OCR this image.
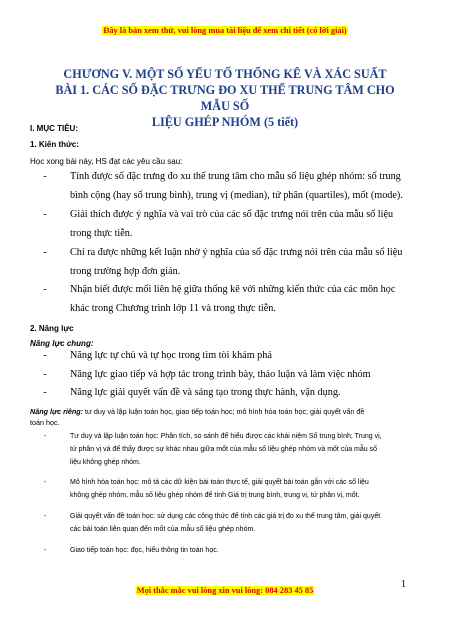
Đây là bản xem thử, vui lòng mua tài liệu để xem chi tiết (có lời giải)
CHƯƠNG V. MỘT SỐ YẾU TỐ THỐNG KÊ VÀ XÁC SUẤT
BÀI 1. CÁC SỐ ĐẶC TRƯNG ĐO XU THẾ TRUNG TÂM CHO MẪU SỐ
LIỆU GHÉP NHÓM (5 tiết)
I. MỤC TIÊU:
1. Kiến thức:
Học xong bài này, HS đạt các yêu cầu sau:
-	Tính được số đặc trưng đo xu thế trung tâm cho mẫu số liệu ghép nhóm: số trung
bình cộng (hay số trung bình), trung vị (median), tứ phân (quartiles), mốt (mode).
-	Giải thích được ý nghĩa và vai trò của các số đặc trưng nói trên của mẫu số liệu
trong thực tiễn.
-	Chỉ ra được những kết luận nhờ ý nghĩa của số đặc trưng nói trên của mẫu số liệu
trong trường hợp đơn giản.
-	Nhận biết được mối liên hệ giữa thống kê với những kiến thức của các môn học
khác trong Chương trình lớp 11 và trong thực tiễn.
2. Năng lực
Năng lực chung:
-	Năng lực tự chủ và tự học trong tìm tòi khám phá
-	Năng lực giao tiếp và hợp tác trong trình bày, thảo luận và làm việc nhóm
-	Năng lực giải quyết vấn đề và sáng tạo trong thực hành, vận dụng.
Năng lực riêng: tư duy và lập luận toán học, giao tiếp toán học; mô hình hóa toán học; giải quyết vấn đề
toán học.
-	Tư duy và lập luận toán học: Phân tích, so sánh để hiểu được các khái niệm Số trung bình; Trung vị,
tứ phân vị và để thấy được sự khác nhau giữa mốt của mẫu số liệu ghép nhóm và mốt của mẫu số
liệu không ghép nhóm.
-	Mô hình hóa toán học: mô tả các dữ kiện bài toán thực tế, giải quyết bài toán gắn với các số liệu
không ghép nhóm, mẫu số liệu ghép nhóm để tính Giá trị trung bình, trung vị, tứ phân vị, mốt.
-	Giải quyết vấn đề toán học: sử dụng các công thức để tính các giá trị đo xu thế trung tâm, giải quyết
các bài toán liên quan đến mốt của mẫu số liệu ghép nhóm.
-	Giao tiếp toán học: đọc, hiểu thông tin toán học.
1
Mọi thắc mắc vui lòng xin vui lòng: 084 283 45 85
